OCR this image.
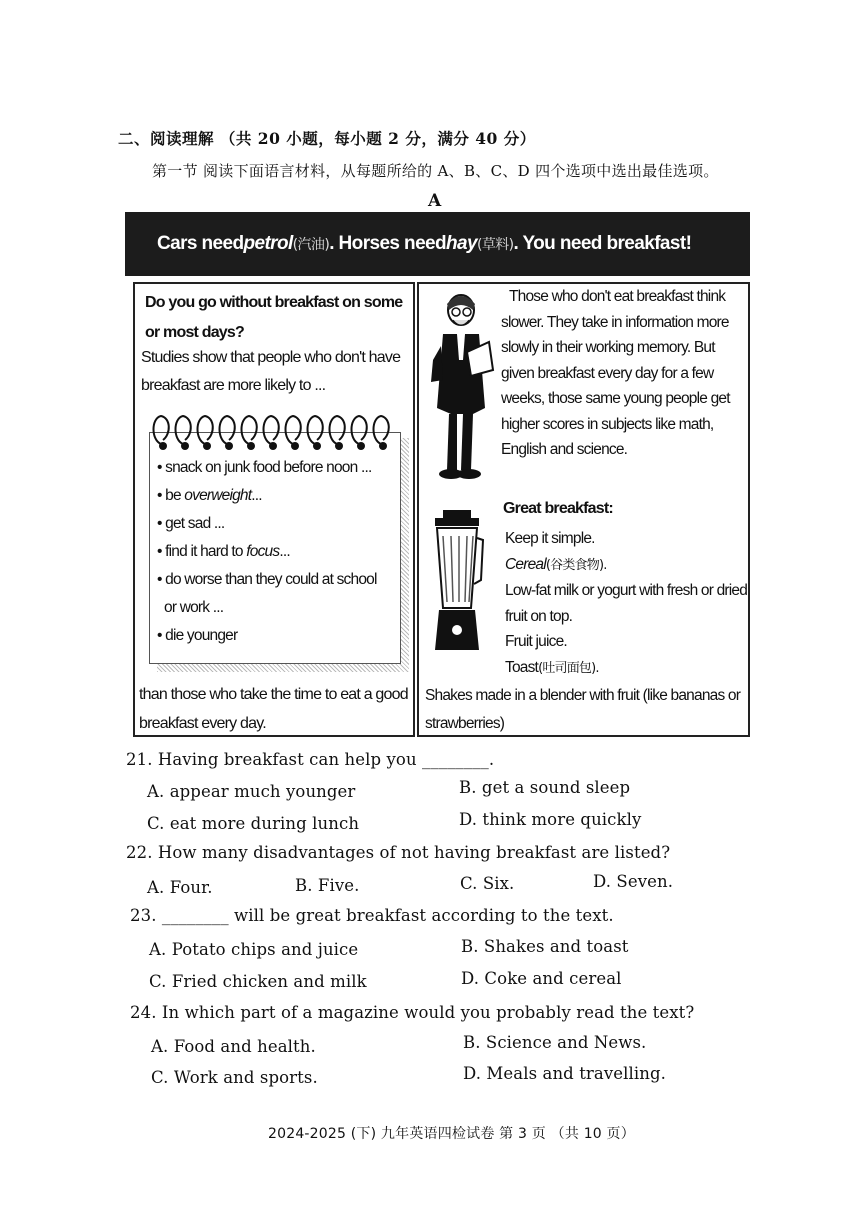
二、阅读理解 （共 20 小题，每小题 2 分，满分 40 分）
第一节 阅读下面语言材料，从每题所给的 A、B、C、D 四个选项中选出最佳选项。
A
Cars need petrol (汽油) . Horses need hay (草料) . You need breakfast!
Do you go without breakfast on some or most days?
Studies show that people who don't have breakfast are more likely to ...
• snack on junk food before noon ...
• be overweight...
• get sad ...
• find it hard to focus...
• do worse than they could at school
or work ...
• die younger
than those who take the time to eat a good breakfast every day.
Those who don't eat breakfast think slower. They take in information more slowly in their working memory. But given breakfast every day for a few weeks, those same young people get higher scores in subjects like math, English and science.
Great breakfast:
Keep it simple.
Cereal(谷类食物).
Low-fat milk or yogurt with fresh or dried fruit on top.
Fruit juice.
Toast(吐司面包).
Shakes made in a blender with fruit (like bananas or strawberries)
21. Having breakfast can help you ________.
A. appear much younger	B. get a sound sleep
C. eat more during lunch	D. think more quickly
22. How many disadvantages of not having breakfast are listed?
A. Four.	B. Five.	C. Six.	D. Seven.
23. ________ will be great breakfast according to the text.
A. Potato chips and juice	B. Shakes and toast
C. Fried chicken and milk	D. Coke and cereal
24. In which part of a magazine would you probably read the text?
A. Food and health.	B. Science and News.
C. Work and sports.	D. Meals and travelling.
2024-2025 (下) 九年英语四检试卷 第 3 页 （共 10 页）
